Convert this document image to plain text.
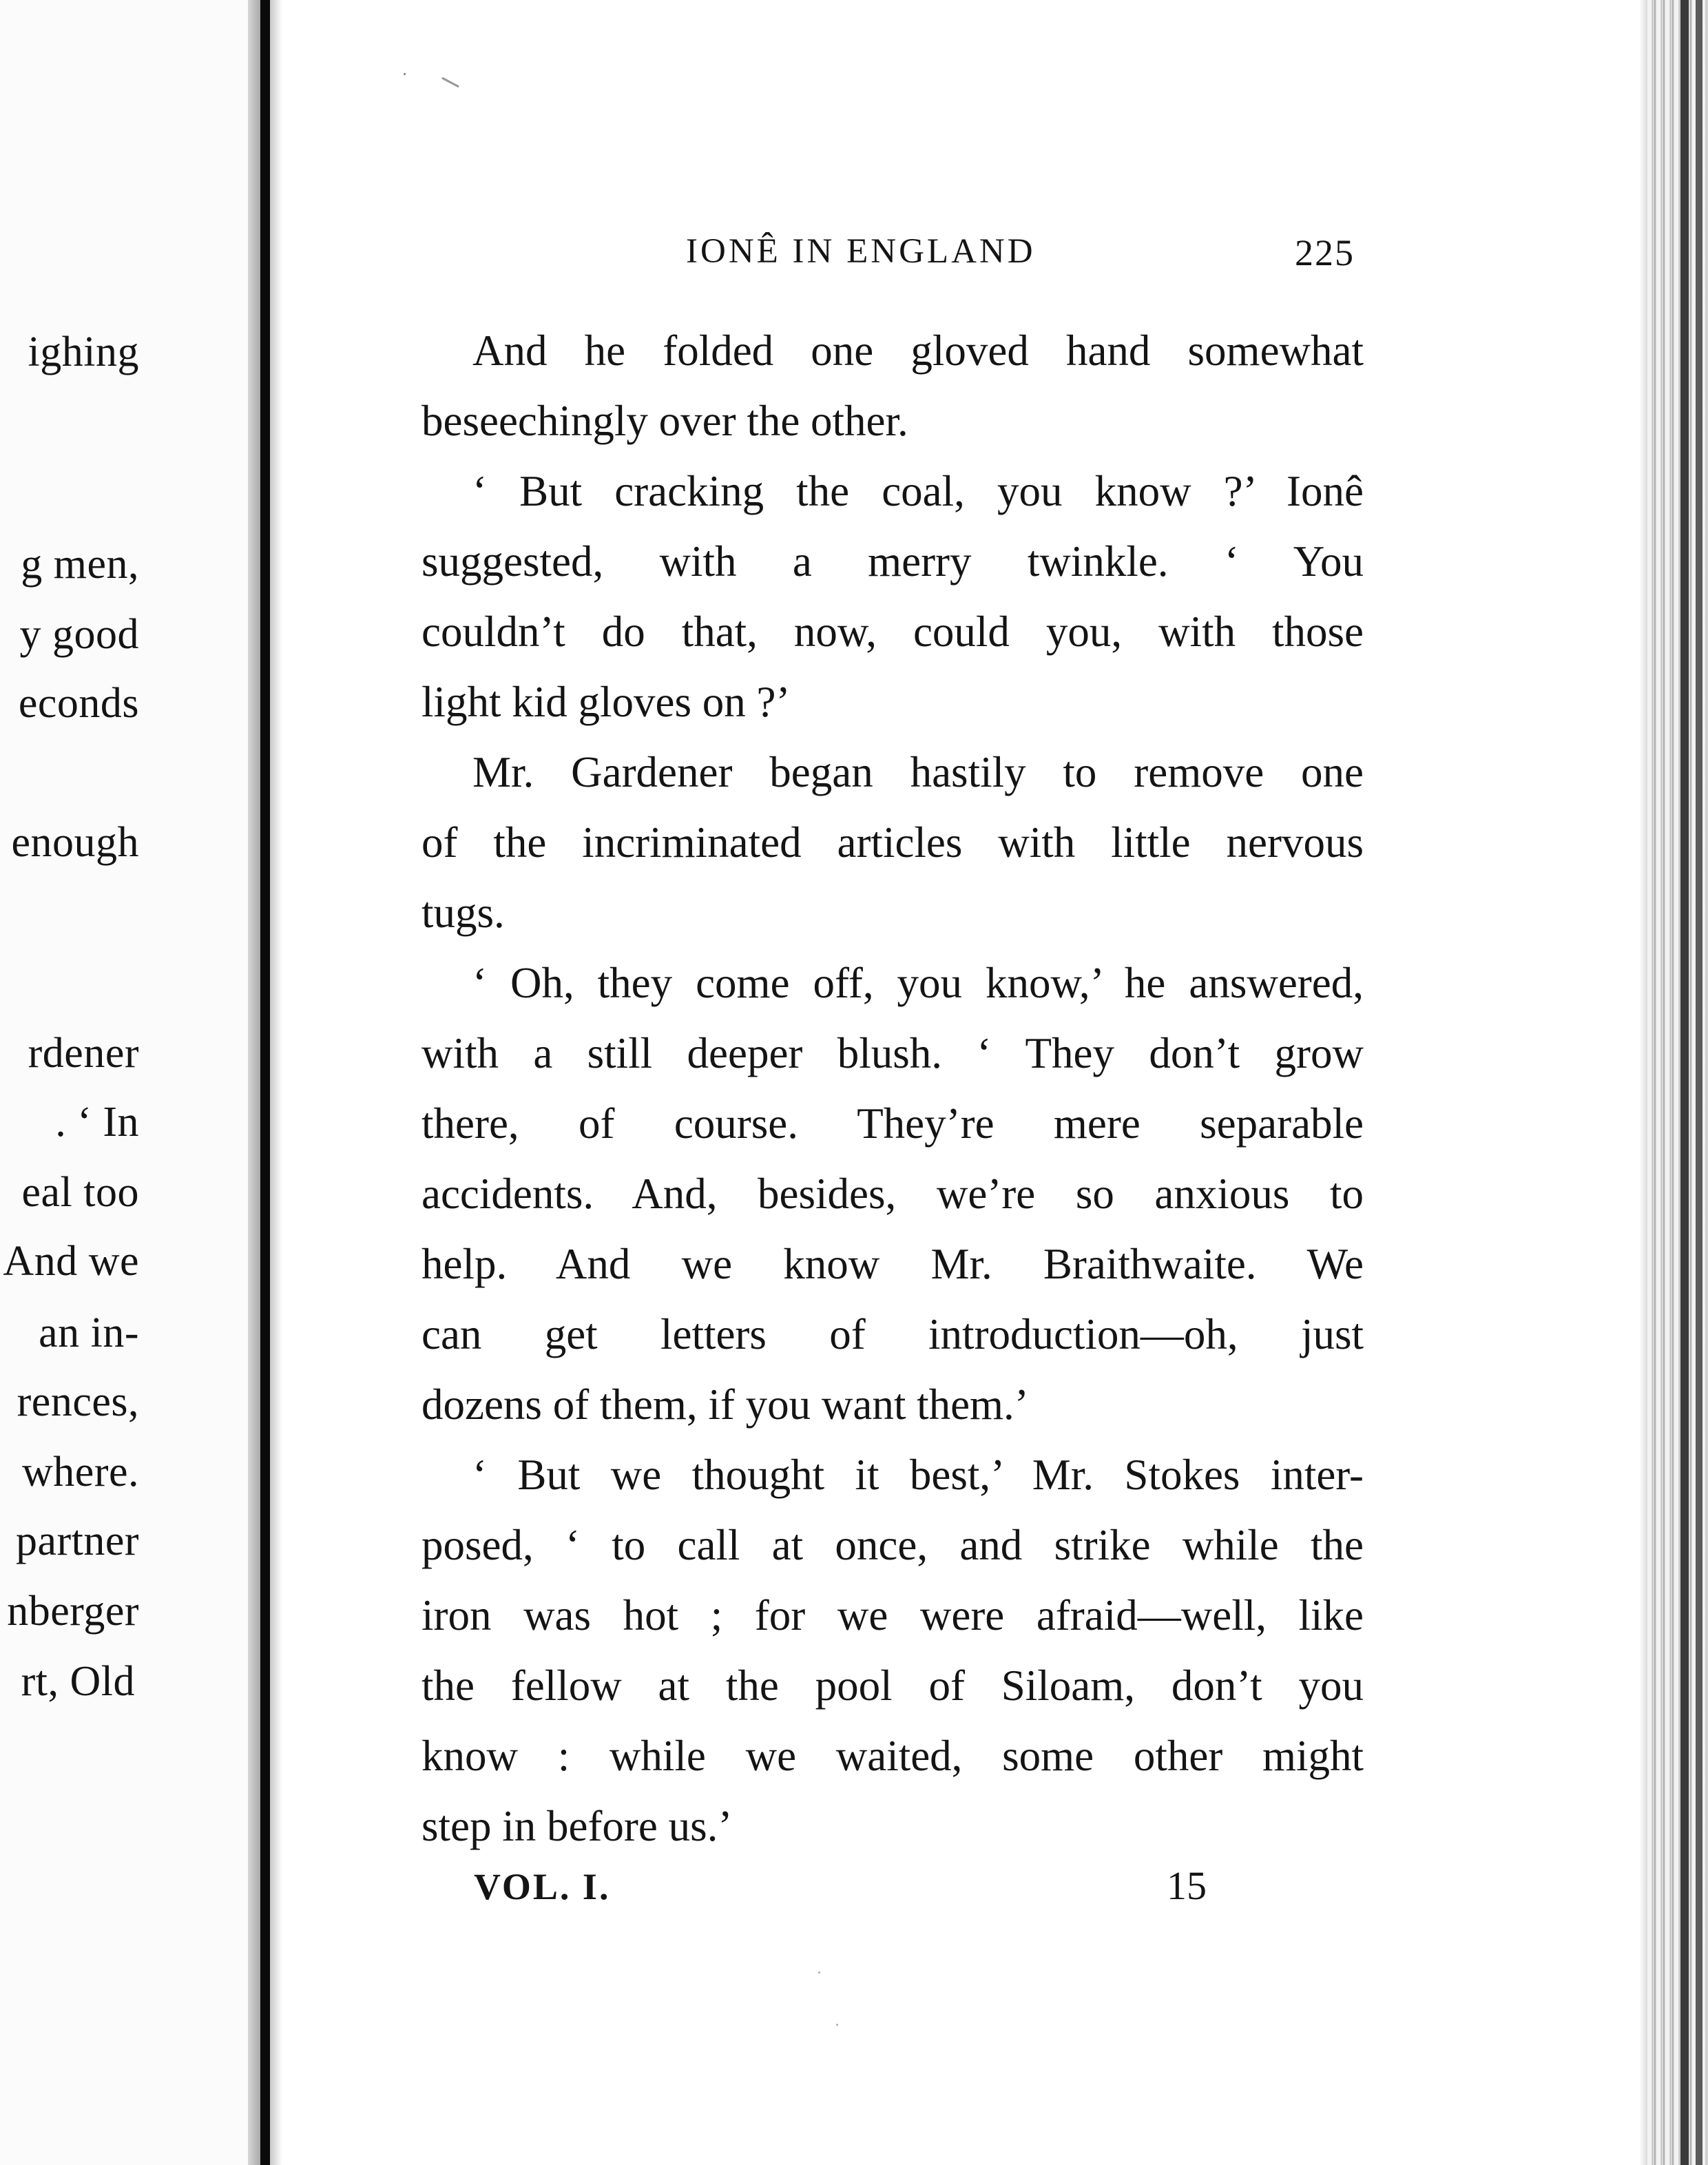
ighing
g men,
y good
econds
enough
rdener
. ‘ In
eal too
And we
an in-
rences,
where.
partner
nberger
rt, Old
IONÊ IN ENGLAND	225
And he folded one gloved hand somewhat
beseechingly over the other.
‘ But cracking the coal, you know ?’ Ionê
suggested, with a merry twinkle. ‘ You
couldn’t do that, now, could you, with those
light kid gloves on ?’
Mr. Gardener began hastily to remove one
of the incriminated articles with little nervous
tugs.
‘ Oh, they come off, you know,’ he answered,
with a still deeper blush. ‘ They don’t grow
there, of course. They’re mere separable
accidents. And, besides, we’re so anxious to
help. And we know Mr. Braithwaite. We
can get letters of introduction—oh, just
dozens of them, if you want them.’
‘ But we thought it best,’ Mr. Stokes inter-
posed, ‘ to call at once, and strike while the
iron was hot ; for we were afraid—well, like
the fellow at the pool of Siloam, don’t you
know : while we waited, some other might
step in before us.’
VOL. I.	15
